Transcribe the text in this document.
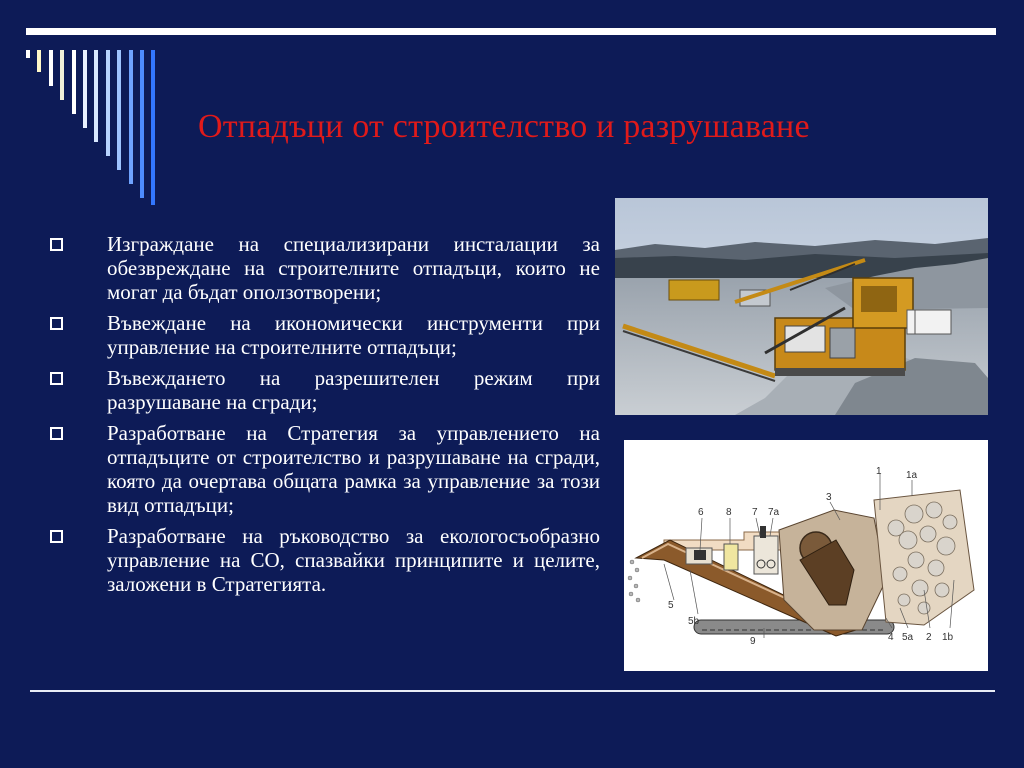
Отпадъци от строителство и разрушаване
Изграждане на специализирани инсталации за обезвреждане на строителните отпадъци, които не могат да бъдат оползотворени;
Въвеждане на икономически инструменти при управление на строителните отпадъци;
Въвеждането на разрешителен режим при разрушаване на сгради;
Разработване на Стратегия за управлението на отпадъците от строителство и разрушаване на сгради, която да очертава общата рамка за управление за този вид отпадъци;
Разработване на ръководство за екологосъобразно управление на СО, спазвайки принципите и целите, заложени в Стратегията.
1 1a
3
6 8 7 7a
5
5b
9	4 5a 2 1b
